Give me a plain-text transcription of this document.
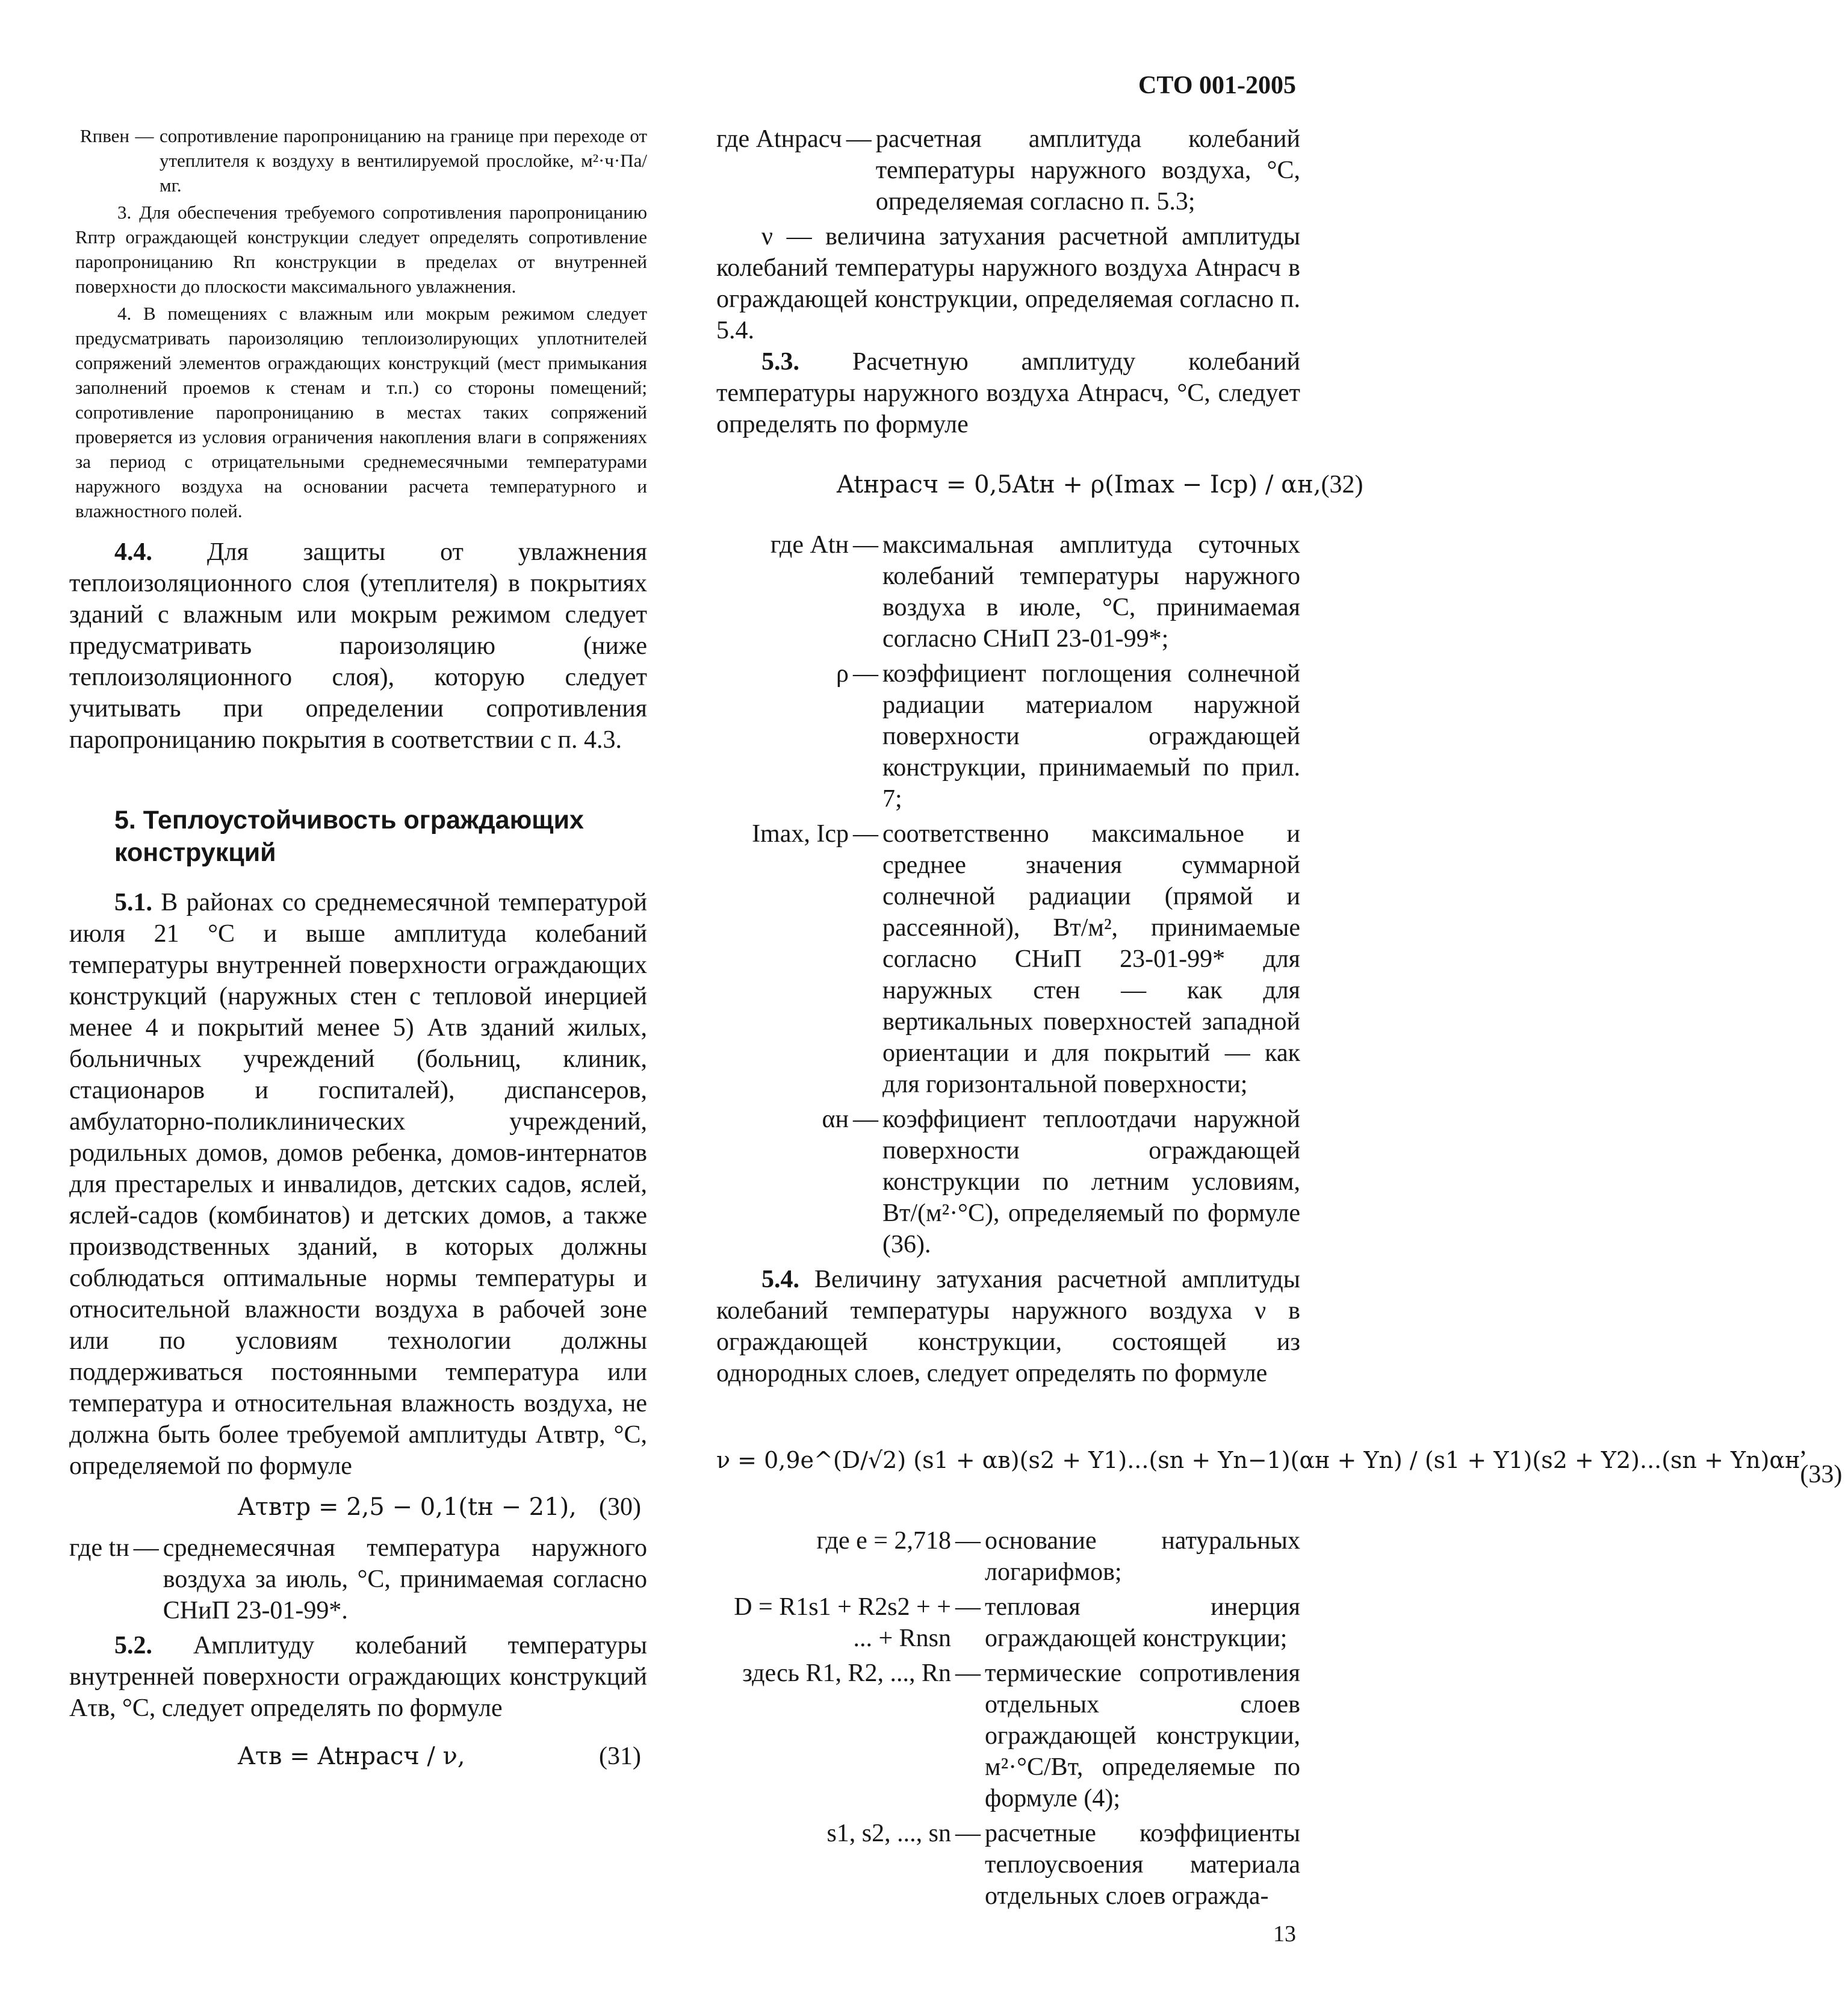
СТО 001-2005
Rпвен — сопротивление паропроницанию на границе при переходе от утеплителя к воздуху в вентилируемой прослойке, м²·ч·Па/мг.

3. Для обеспечения требуемого сопротивления паропроницанию Rптр ограждающей конструкции следует определять сопротивление паропроницанию Rп конструкции в пределах от внутренней поверхности до плоскости максимального увлажнения.

4. В помещениях с влажным или мокрым режимом следует предусматривать пароизоляцию теплоизолирующих уплотнителей сопряжений элементов ограждающих конструкций (мест примыкания заполнений проемов к стенам и т.п.) со стороны помещений; сопротивление паропроницанию в местах таких сопряжений проверяется из условия ограничения накопления влаги в сопряжениях за период с отрицательными среднемесячными температурами наружного воздуха на основании расчета температурного и влажностного полей.

4.4. Для защиты от увлажнения теплоизоляционного слоя (утеплителя) в покрытиях зданий с влажным или мокрым режимом следует предусматривать пароизоляцию (ниже теплоизоляционного слоя), которую следует учитывать при определении сопротивления паропроницанию покрытия в соответствии с п. 4.3.

5. Теплоустойчивость ограждающих конструкций

5.1. В районах со среднемесячной температурой июля 21 °С и выше амплитуда колебаний температуры внутренней поверхности ограждающих конструкций (наружных стен с тепловой инерцией менее 4 и покрытий менее 5) Aτв зданий жилых, больничных учреждений (больниц, клиник, стационаров и госпиталей), диспансеров, амбулаторно-поликлинических учреждений, родильных домов, домов ребенка, домов-интернатов для престарелых и инвалидов, детских садов, яслей, яслей-садов (комбинатов) и детских домов, а также производственных зданий, в которых должны соблюдаться оптимальные нормы температуры и относительной влажности воздуха в рабочей зоне или по условиям технологии должны поддерживаться постоянными температура или температура и относительная влажность воздуха, не должна быть более требуемой амплитуды Aτвтр, °С, определяемой по формуле

Aτвтр = 2,5 − 0,1(tн − 21), (30)
где tн — среднемесячная температура наружного воздуха за июль, °С, принимаемая согласно СНиП 23-01-99*.

5.2. Амплитуду колебаний температуры внутренней поверхности ограждающих конструкций Aτв, °С, следует определять по формуле

Aτв = Atнрасч / ν,	(31)
где Atнрасч — расчетная амплитуда колебаний температуры наружного воздуха, °С, определяемая согласно п. 5.3;

ν — величина затухания расчетной амплитуды колебаний температуры наружного воздуха Atнрасч в ограждающей конструкции, определяемая согласно п. 5.4.

5.3. Расчетную амплитуду колебаний температуры наружного воздуха Atнрасч, °С, следует определять по формуле

Atнрасч = 0,5Atн + ρ(Imax − Iср) / αн, (32)
где Atн — максимальная амплитуда суточных колебаний температуры наружного воздуха в июле, °С, принимаемая согласно СНиП 23-01-99*;
ρ — коэффициент поглощения солнечной радиации материалом наружной поверхности ограждающей конструкции, принимаемый по прил. 7;
Imax, Iср — соответственно максимальное и среднее значения суммарной солнечной радиации (прямой и рассеянной), Вт/м², принимаемые согласно СНиП 23-01-99* для наружных стен — как для вертикальных поверхностей западной ориентации и для покрытий — как для горизонтальной поверхности;
αн — коэффициент теплоотдачи наружной поверхности ограждающей конструкции по летним условиям, Вт/(м²·°С), определяемый по формуле (36).

5.4. Величину затухания расчетной амплитуды колебаний температуры наружного воздуха ν в ограждающей конструкции, состоящей из однородных слоев, следует определять по формуле

ν = 0,9e^(D/√2) (s1 + αв)(s2 + Y1)...(sn + Yn−1)(αн + Yn) / (s1 + Y1)(s2 + Y2)...(sn + Yn)αн
,(33)
где e = 2,718 — основание натуральных логарифмов;
D = R1s1 + R2s2 + + ... + Rnsn
— тепловая инерция ограждающей конструкции;
здесь R1, R2, ..., Rn — термические сопротивления отдельных слоев ограждающей конструкции, м²·°С/Вт, определяемые по формуле (4);
s1, s2, ..., sn — расчетные коэффициенты теплоусвоения материала отдельных слоев огражда-
13
